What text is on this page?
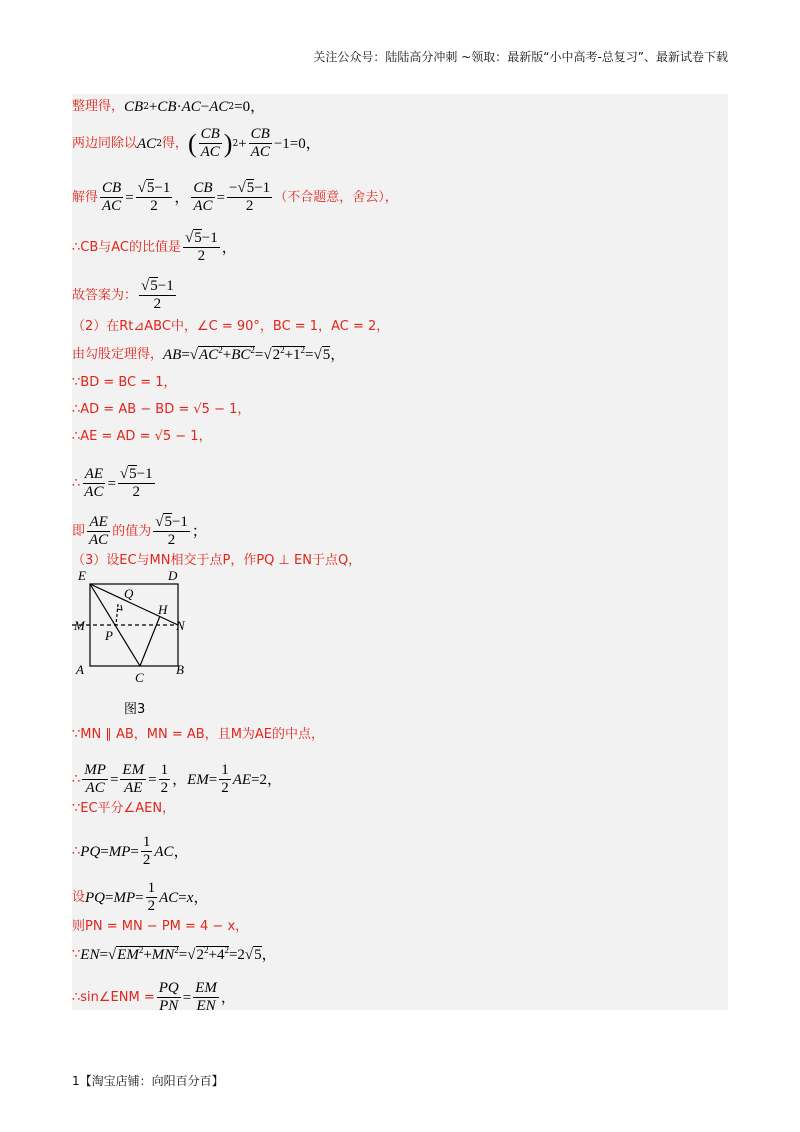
关注公众号：陆陆高分冲刺 ~领取：最新版“小中高考-总复习”、最新试卷下载
整理得， CB 2 + CB · AC − AC 2 =0，
两边同除以 AC 2 得， ( $\frac{CB}{AC}$ ) $2 + \frac{CB}{AC} -1=0$，
解得 $\frac{CB}{AC} = \frac{√5-1}{2}$ ， $\frac{CB}{AC} = \frac{-√5-1}{2}$ （不合题意，舍去），
∴CB与AC的比值是 $\frac{√5-1}{2}$ ，
故答案为： $\frac{√5-1}{2}$
（2）在Rt⊿ABC中，∠C = 90°，BC = 1，AC = 2，
由勾股定理得， AB $=√AC^2+BC^2=√2^2+1^2=√5$，
∵BD = BC = 1，
∴AD = AB − BD = √5 − 1，
∴AE = AD = √5 − 1，
∴ $\frac{AE}{AC} = \frac{√5-1}{2}$
即 $\frac{AE}{AC}$ 的值为 $\frac{√5-1}{2}$ ；
（3）设EC与MN相交于点P，作PQ ⊥ EN于点Q，
E	D
Q
H
M	N
P
A
C
B
图3
∵MN ∥ AB，MN = AB，且M为AE的中点，
∴ $\frac{MP}{AC} = \frac{EM}{AE} = \frac{1}{2}$ ， EM = $\frac{1}{2}$ AE =2，
∵EC平分∠AEN，
∴ PQ = MP = $\frac{1}{2}$ AC ，
设 PQ = MP = $\frac{1}{2}$ AC = x ，
则PN = MN − PM = 4 − x，
∵ EN $=√EM^2+MN^2=√2^2+4^2=2√5$，
∴sin∠ENM = $\frac{PQ}{PN} = \frac{EM}{EN}$ ，
1【淘宝店铺：向阳百分百】
